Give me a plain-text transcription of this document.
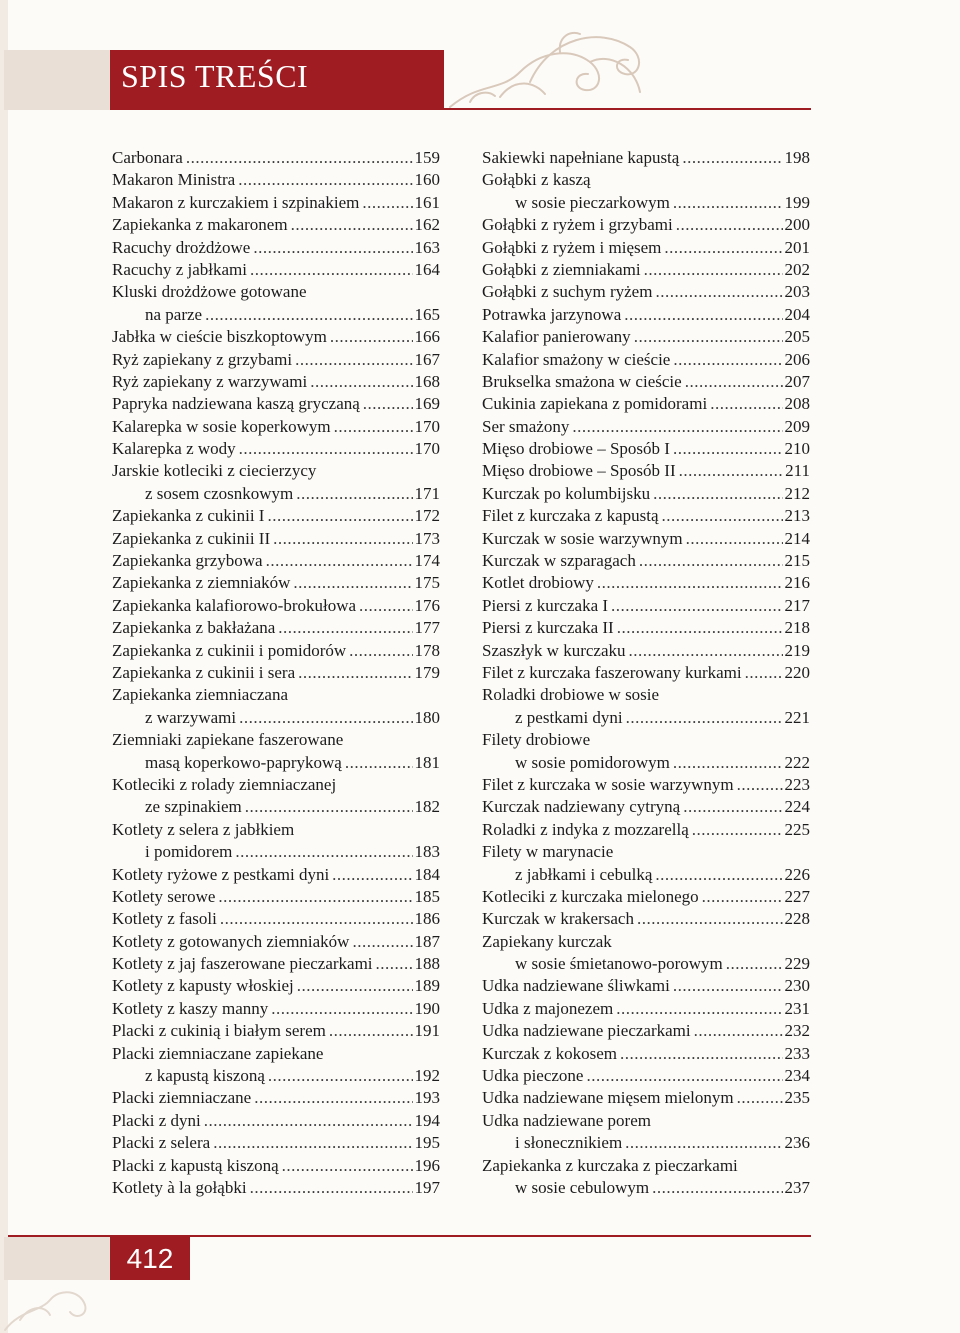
SPIS TREŚCI
Carbonara .....	159
Makaron Ministra .....	160
Makaron z kurczakiem i szpinakiem .....	161
Zapiekanka z makaronem .....	162
Racuchy drożdżowe .....	163
Racuchy z jabłkami .....	164
Kluski drożdżowe gotowane
na parze .....	165
Jabłka w cieście biszkoptowym .....	166
Ryż zapiekany z grzybami .....	167
Ryż zapiekany z warzywami .....	168
Papryka nadziewana kaszą gryczaną .....	169
Kalarepka w sosie koperkowym .....	170
Kalarepka z wody .....	170
Jarskie kotleciki z ciecierzycy
z sosem czosnkowym .....	171
Zapiekanka z cukinii I .....	172
Zapiekanka z cukinii II .....	173
Zapiekanka grzybowa .....	174
Zapiekanka z ziemniaków .....	175
Zapiekanka kalafiorowo-brokułowa .....	176
Zapiekanka z bakłażana .....	177
Zapiekanka z cukinii i pomidorów .....	178
Zapiekanka z cukinii i sera .....	179
Zapiekanka ziemniaczana
z warzywami .....	180
Ziemniaki zapiekane faszerowane
masą koperkowo-paprykową .....	181
Kotleciki z rolady ziemniaczanej
ze szpinakiem .....	182
Kotlety z selera z jabłkiem
i pomidorem .....	183
Kotlety ryżowe z pestkami dyni .....	184
Kotlety serowe .....	185
Kotlety z fasoli .....	186
Kotlety z gotowanych ziemniaków .....	187
Kotlety z jaj faszerowane pieczarkami ..... 188
Kotlety z kapusty włoskiej .....	189
Kotlety z kaszy manny .....	190
Placki z cukinią i białym serem .....	191
Placki ziemniaczane zapiekane
z kapustą kiszoną .....	192
Placki ziemniaczane .....	193
Placki z dyni .....	194
Placki z selera .....	195
Placki z kapustą kiszoną .....	196
Kotlety à la gołąbki .....	197
Sakiewki napełniane kapustą .....	198
Gołąbki z kaszą
w sosie pieczarkowym .....	199
Gołąbki z ryżem i grzybami .....	200
Gołąbki z ryżem i mięsem .....	201
Gołąbki z ziemniakami .....	202
Gołąbki z suchym ryżem .....	203
Potrawka jarzynowa .....	204
Kalafior panierowany .....	205
Kalafior smażony w cieście .....	206
Brukselka smażona w cieście .....	207
Cukinia zapiekana z pomidorami .....	208
Ser smażony .....	209
Mięso drobiowe – Sposób I .....	210
Mięso drobiowe – Sposób II .....	211
Kurczak po kolumbijsku .....	212
Filet z kurczaka z kapustą .....	213
Kurczak w sosie warzywnym .....	214
Kurczak w szparagach .....	215
Kotlet drobiowy .....	216
Piersi z kurczaka I .....	217
Piersi z kurczaka II .....	218
Szaszłyk w kurczaku .....	219
Filet z kurczaka faszerowany kurkami .....	220
Roladki drobiowe w sosie
z pestkami dyni .....	221
Filety drobiowe
w sosie pomidorowym .....	222
Filet z kurczaka w sosie warzywnym .....	223
Kurczak nadziewany cytryną .....	224
Roladki z indyka z mozzarellą .....	225
Filety w marynacie
z jabłkami i cebulką .....	226
Kotleciki z kurczaka mielonego .....	227
Kurczak w krakersach .....	228
Zapiekany kurczak
w sosie śmietanowo-porowym .....	229
Udka nadziewane śliwkami .....	230
Udka z majonezem .....	231
Udka nadziewane pieczarkami .....	232
Kurczak z kokosem .....	233
Udka pieczone .....	234
Udka nadziewane mięsem mielonym .....	235
Udka nadziewane porem
i słonecznikiem .....	236
Zapiekanka z kurczaka z pieczarkami
w sosie cebulowym .....	237
412
